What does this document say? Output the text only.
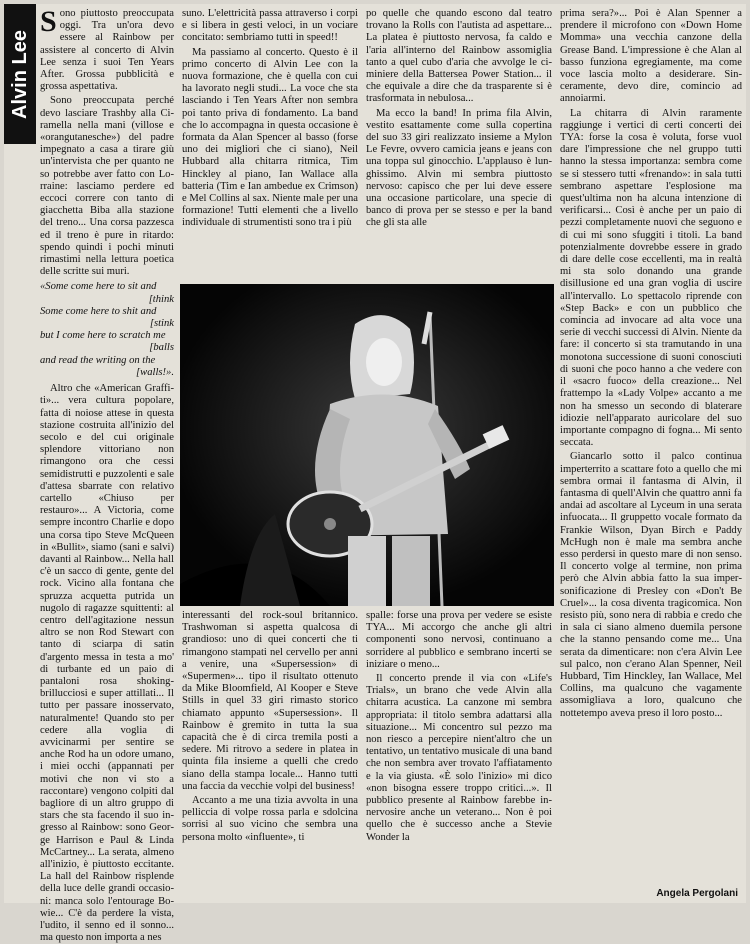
Alvin Lee

Sono piuttosto preoccupata oggi. Tra un'ora devo essere al Rainbow per assistere al concerto di Alvin Lee senza i suoi Ten Years After. Grossa pubblicità e grossa aspettativa.

Sono preoccupata perché devo lasciare Trashby alla Ciramella nella mani (villose e «orangutanesche») del padre impegnato a casa a tirare giù un'intervista che per quanto ne so potrebbe aver fatto con Lorraine: lasciamo perdere ed eccoci correre con tanto di giacchetta Biba alla stazione del treno... Una corsa pazzesca ed il treno è pure in ritardo: spendo quindi i pochi minuti rimastimi nella lettura poetica delle scritte sui muri.

«Some come here to sit and
[think
Some come here to shit and
[stink
but I come here to scratch me
[balls
and read the writing on the
[walls!».

Altro che «American Graffiti»... vera cultura popolare, fatta di noiose attese in questa stazione costruita all'inizio del secolo e del cui originale splendore vittoriano non rimangono ora che cessi semidistrutti e puzzolenti e sale d'attesa sbarrate con relativo cartello «Chiuso per restauro»... A Victoria, come sempre incontro Charlie e dopo una corsa tipo Steve McQueen in «Bullit», siamo (sani e salvi) davanti al Rainbow... Nella hall c'è un sacco di gente, gente del rock. Vicino alla fontana che spruzza acquetta putrida un nugolo di ragazze squittenti: al centro dell'agitazione nessun altro se non Rod Stewart con tanto di sciarpa di satin d'argento messa in testa a mo' di turbante ed un paio di pantaloni rosa shoking-brillucciosi e super attillati... Il tutto per passare inosservato, naturalmente! Quando sto per cedere alla voglia di avvicinarmi per sentire se anche Rod ha un odore umano, i miei occhi (appannati per motivi che non vi sto a raccontare) vengono colpiti dal bagliore di un altro gruppo di stars che sta facendo il suo ingresso al Rainbow: sono George Harrison e Paul & Linda McCartney... La serata, almeno all'inizio, è piuttosto eccitante. La hall del Rainbow risplende della luce delle grandi occasioni: manca solo l'entourage Bowie... C'è da perdere la vista, l'udito, il senno ed il sonno... ma questo non importa a nes

suno. L'elettricità passa attraverso i corpi e si libera in gesti veloci, in un vociare concitato: sembriamo tutti in speed!!

Ma passiamo al concerto. Questo è il primo concerto di Alvin Lee con la nuova formazione, che è quella con cui ha lavorato negli studi... La voce che sta lasciando i Ten Years After non sembra poi tanto priva di fondamento. La band che lo accompagna in questa occasione è formata da Alan Spencer al basso (forse uno dei migliori che ci siano), Neil Hubbard alla chitarra ritmica, Tim Hinckley al piano, Ian Wallace alla batteria (Tim e Ian ambedue ex Crimson) e Mel Collins al sax. Niente male per una formazione! Tutti elementi che a livello individuale di strumentisti sono tra i più

po quelle che quando escono dal teatro trovano la Rolls con l'autista ad aspettare... La platea è piuttosto nervosa, fa caldo e l'aria all'interno del Rainbow assomiglia tanto a quel cubo d'aria che avvolge le ciminiere della Battersea Power Station... il che equivale a dire che da trasparente si è trasformata in nebulosa...

Ma ecco la band! In prima fila Alvin, vestito esattamente come sulla copertina del suo 33 giri realizzato insieme a Mylon Le Fevre, ovvero camicia jeans e jeans con una toppa sul ginocchio. L'applauso è lunghissimo. Alvin mi sembra piuttosto nervoso: capisco che per lui deve essere una occasione particolare, una specie di banco di prova per se stesso e per la band che gli sta alle

interessanti del rock-soul britannico. Trashwoman si aspetta qualcosa di grandioso: uno di quei concerti che ti rimangono stampati nel cervello per anni a venire, una «Supersession» di «Supermen»... tipo il risultato ottenuto da Mike Bloomfield, Al Kooper e Steve Stills in quel 33 giri rimasto storico chiamato appunto «Supersession». Il Rainbow è gremito in tutta la sua capacità che è di circa tremila posti a sedere. Mi ritrovo a sedere in platea in quinta fila insieme a quelli che credo siano della stampa locale... Hanno tutti una faccia da vecchie volpi del business!

Accanto a me una tizia avvolta in una pelliccia di volpe rossa parla e sdolcina sorrisi al suo vicino che sembra una persona molto «influente», ti

spalle: forse una prova per vedere se esiste TYA... Mi accorgo che anche gli altri componenti sono nervosi, continuano a sorridere al pubblico e sembrano incerti se iniziare o meno...

Il concerto prende il via con «Life's Trials», un brano che vede Alvin alla chitarra acustica. La canzone mi sembra appropriata: il titolo sembra adattarsi alla situazione... Mi concentro sul pezzo ma non riesco a percepire nient'altro che un tentativo, un tentativo musicale di una band che non sembra aver trovato l'affiatamento e la via giusta. «È solo l'inizio» mi dico «non bisogna essere troppo critici...». Il pubblico presente al Rainbow farebbe innervosire anche un veterano... Non è poi quello che è successo anche a Stevie Wonder la

prima sera?»... Poi è Alan Spenner a prendere il microfono con «Down Home Momma» una vecchia canzone della Grease Band. L'impressione è che Alan al basso funziona egregiamente, ma come voce lascia molto a desiderare. Sinceramente, devo dire, comincio ad annoiarmi.

La chitarra di Alvin raramente raggiunge i vertici di certi concerti dei TYA: forse la cosa è voluta, forse vuol dare l'impressione che nel gruppo tutti hanno la stessa importanza: sembra come se si stessero tutti «frenando»: in sala tutti sembrano aspettare l'esplosione ma quest'ultima non ha alcuna intenzione di verificarsi... Così è anche per un paio di pezzi completamente nuovi che seguono e di cui mi sono sfuggiti i titoli. La band potenzialmente dovrebbe essere in grado di dare delle cose eccellenti, ma in realtà mi sta solo donando una grande disillusione ed una gran voglia di uscire all'intervallo. Lo spettacolo riprende con «Step Back» e con un pubblico che comincia ad invocare ad alta voce una serie di vecchi successi di Alvin. Niente da fare: il concerto si sta tramutando in una monotona successione di suoni conosciuti di suoni che poco hanno a che vedere con il «sacro fuoco» della creazione... Nel frattempo la «Lady Volpe» accanto a me non ha smesso un secondo di blaterare idiozie nell'apparato auricolare del suo importante compagno di fogna... Mi sento seccata.

Giancarlo sotto il palco continua imperterrito a scattare foto a quello che mi sembra ormai il fantasma di Alvin, il fantasma di quell'Alvin che quattro anni fa andai ad ascoltare al Lyceum in una serata infuocata... Il gruppetto vocale formato da Frankie Wilson, Dyan Birch e Paddy McHugh non è male ma sembra anche esso perdersi in questo mare di non senso. Il concerto volge al termine, non prima però che Alvin abbia fatto la sua impersonificazione di Presley con «Don't Be Cruel»... la cosa diventa tragicomica. Non resisto più, sono nera di rabbia e credo che in sala ci siano almeno duemila persone che la stanno pensando come me... Una serata da dimenticare: non c'era Alvin Lee sul palco, non c'erano Alan Spenner, Neil Hubbard, Tim Hinckley, Ian Wallace, Mel Collins, ma qualcuno che vagamente assomigliava a loro, qualcuno che nottetempo aveva preso il loro posto...

Angela Pergolani
